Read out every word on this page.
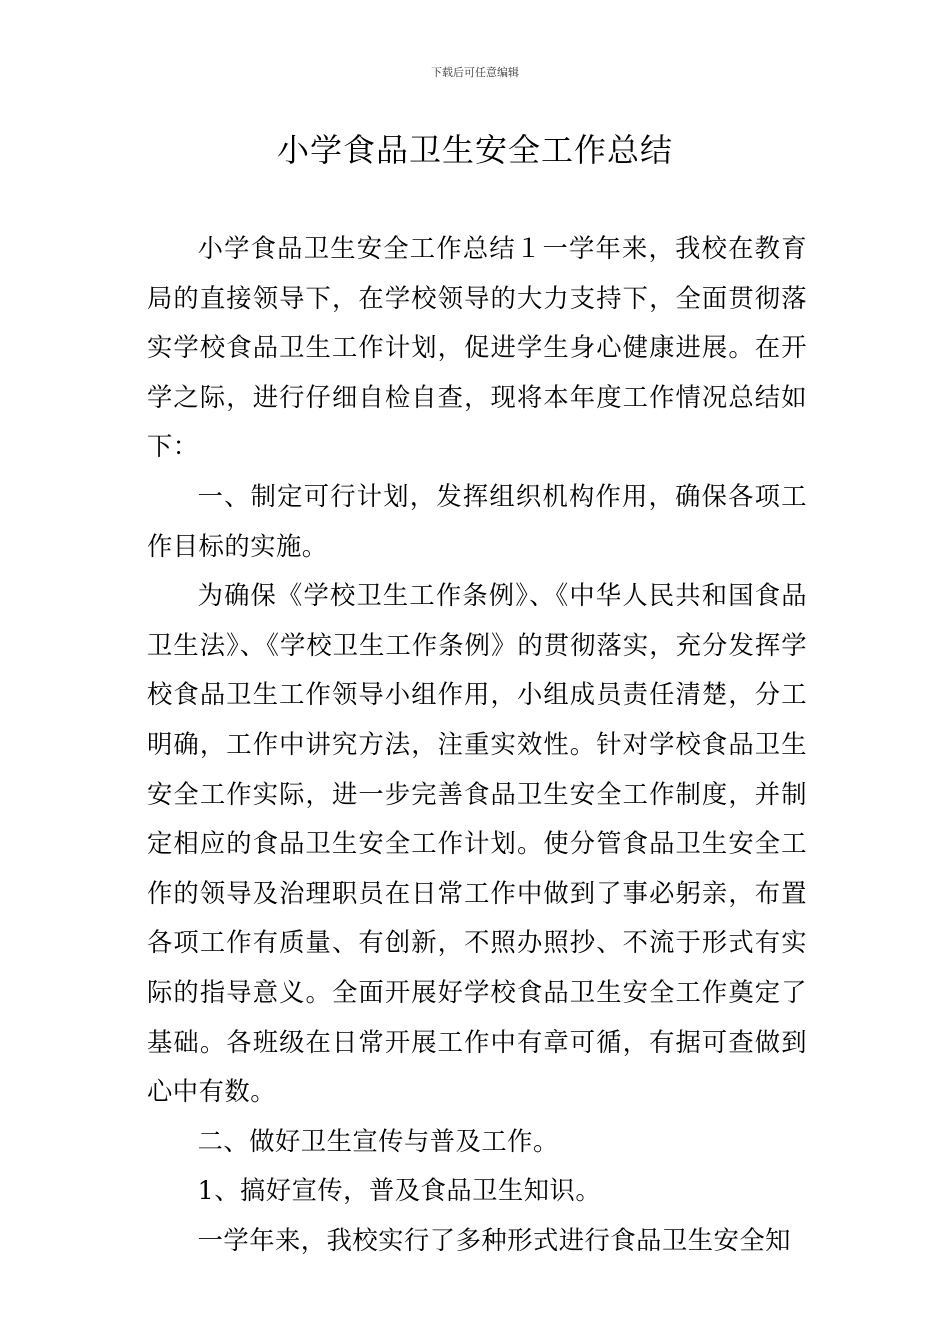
下载后可任意编辑
小学食品卫生安全工作总结

小学食品卫生安全工作总结１一学年来，我校在教育局的直接领导下，在学校领导的大力支持下，全面贯彻落实学校食品卫生工作计划，促进学生身心健康进展。在开学之际，进行仔细自检自查，现将本年度工作情况总结如下：

一、制定可行计划，发挥组织机构作用，确保各项工作目标的实施。

为确保《学校卫生工作条例》、《中华人民共和国食品卫生法》、《学校卫生工作条例》的贯彻落实，充分发挥学校食品卫生工作领导小组作用，小组成员责任清楚，分工明确，工作中讲究方法，注重实效性。针对学校食品卫生安全工作实际，进一步完善食品卫生安全工作制度，并制定相应的食品卫生安全工作计划。使分管食品卫生安全工作的领导及治理职员在日常工作中做到了事必躬亲，布置各项工作有质量、有创新，不照办照抄、不流于形式有实际的指导意义。全面开展好学校食品卫生安全工作奠定了基础。各班级在日常开展工作中有章可循，有据可查做到心中有数。

二、做好卫生宣传与普及工作。

1、搞好宣传，普及食品卫生知识。

一学年来，我校实行了多种形式进行食品卫生安全知
